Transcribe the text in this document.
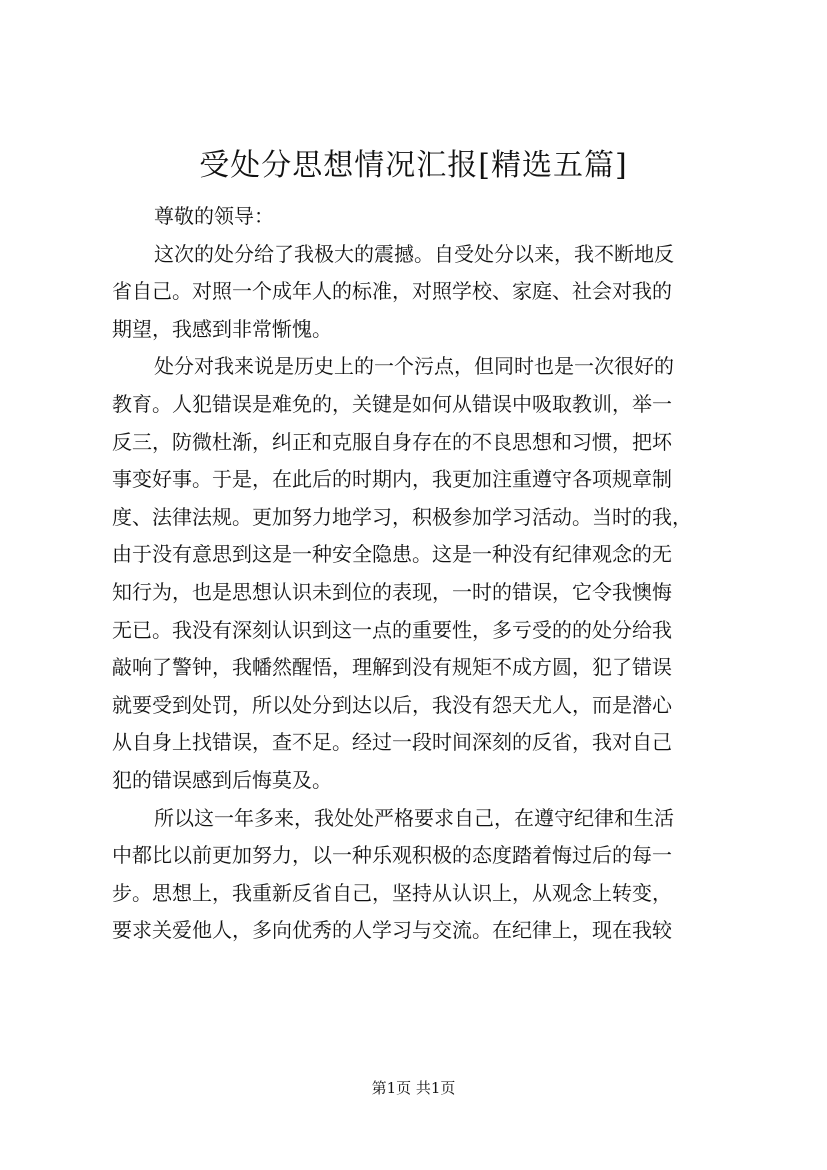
受处分思想情况汇报[精选五篇]
尊敬的领导：
这次的处分给了我极大的震撼。自受处分以来，我不断地反
省自己。对照一个成年人的标准，对照学校、家庭、社会对我的
期望，我感到非常惭愧。
处分对我来说是历史上的一个污点，但同时也是一次很好的
教育。人犯错误是难免的，关键是如何从错误中吸取教训，举一
反三，防微杜渐，纠正和克服自身存在的不良思想和习惯，把坏
事变好事。于是，在此后的时期内，我更加注重遵守各项规章制
度、法律法规。更加努力地学习，积极参加学习活动。当时的我，
由于没有意思到这是一种安全隐患。这是一种没有纪律观念的无
知行为，也是思想认识未到位的表现，一时的错误，它令我懊悔
无已。我没有深刻认识到这一点的重要性，多亏受的的处分给我
敲响了警钟，我幡然醒悟，理解到没有规矩不成方圆，犯了错误
就要受到处罚，所以处分到达以后，我没有怨天尤人，而是潜心
从自身上找错误，查不足。经过一段时间深刻的反省，我对自己
犯的错误感到后悔莫及。
所以这一年多来，我处处严格要求自己，在遵守纪律和生活
中都比以前更加努力，以一种乐观积极的态度踏着悔过后的每一
步。思想上，我重新反省自己，坚持从认识上，从观念上转变，
要求关爱他人，多向优秀的人学习与交流。在纪律上，现在我较
第1页 共1页
